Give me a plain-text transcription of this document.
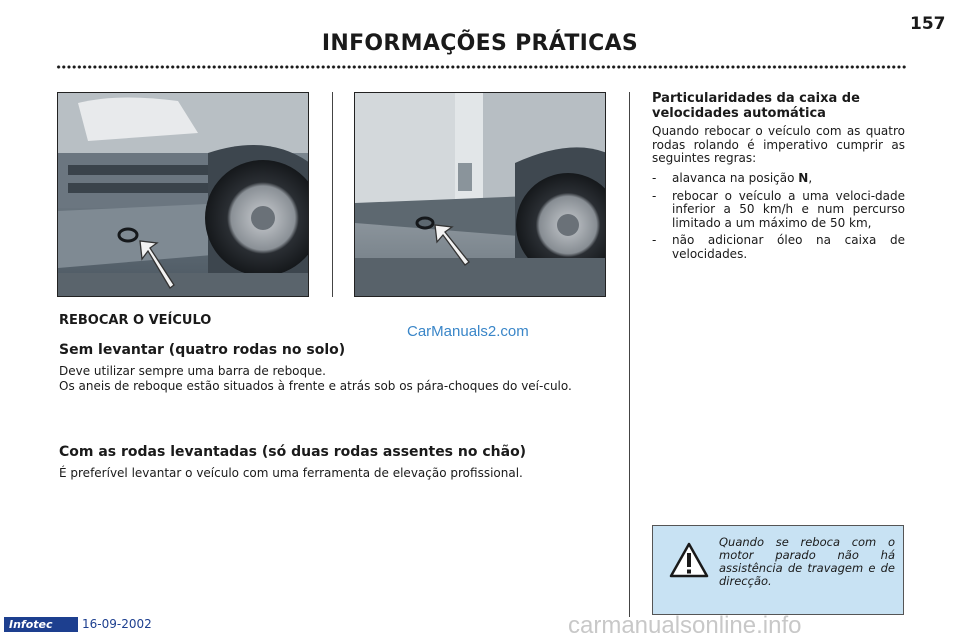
157
INFORMAÇÕES PRÁTICAS
REBOCAR O VEÍCULO
CarManuals2.com
Sem levantar (quatro rodas no solo)
Deve utilizar sempre uma barra de reboque.
Os aneis de reboque estão situados à frente e atrás sob os pára-choques do veí-culo.
Com as rodas levantadas (só duas rodas assentes no chão)
É preferível levantar o veículo com uma ferramenta de elevação profissional.
Particularidades da caixa de velocidades automática
Quando rebocar o veículo com as quatro rodas rolando é imperativo cumprir as seguintes regras:
- alavanca na posição N,
- rebocar o veículo a uma veloci-dade inferior a 50 km/h e num percurso limitado a um máximo de 50 km,
- não adicionar óleo na caixa de velocidades.
Quando se reboca com o motor parado não há assistência de travagem e de direcção.
Infotec	16-09-2002	carmanualsonline.info
